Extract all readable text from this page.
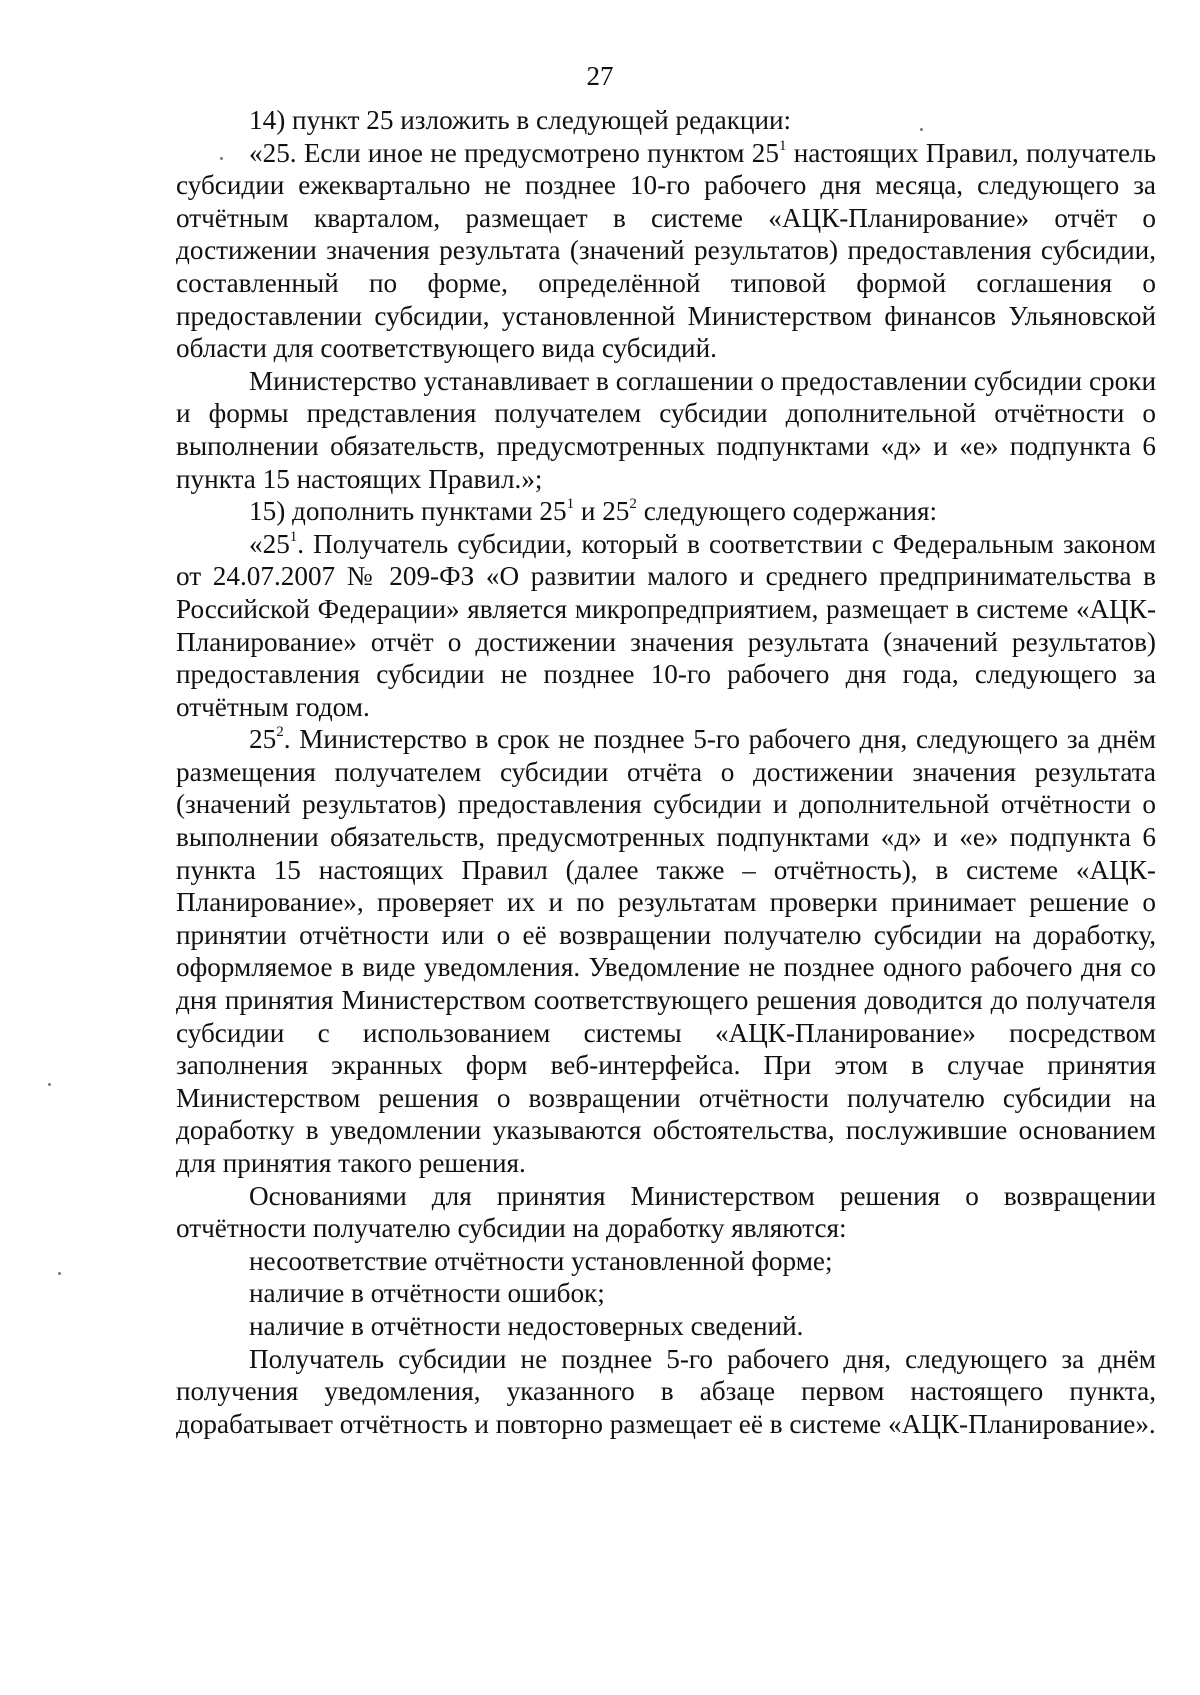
27

14) пункт 25 изложить в следующей редакции:

«25. Если иное не предусмотрено пунктом $25^1$ настоящих Правил, получатель субсидии ежеквартально не позднее 10-го рабочего дня месяца, следующего за отчётным кварталом, размещает в системе «АЦК-Планирование» отчёт о достижении значения результата (значений результатов) предоставления субсидии, составленный по форме, определённой типовой формой соглашения о предоставлении субсидии, установленной Министерством финансов Ульяновской области для соответствующего вида субсидий.

Министерство устанавливает в соглашении о предоставлении субсидии сроки и формы представления получателем субсидии дополнительной отчётности о выполнении обязательств, предусмотренных подпунктами «д» и «е» подпункта 6 пункта 15 настоящих Правил.»;

15) дополнить пунктами $25^1$ и $25^2$ следующего содержания:

«$25^1$. Получатель субсидии, который в соответствии с Федеральным законом от 24.07.2007 № 209-ФЗ «О развитии малого и среднего предпринимательства в Российской Федерации» является микропредприятием, размещает в системе «АЦК-Планирование» отчёт о достижении значения результата (значений результатов) предоставления субсидии не позднее 10-го рабочего дня года, следующего за отчётным годом.

$25^2$. Министерство в срок не позднее 5-го рабочего дня, следующего за днём размещения получателем субсидии отчёта о достижении значения результата (значений результатов) предоставления субсидии и дополнительной отчётности о выполнении обязательств, предусмотренных подпунктами «д» и «е» подпункта 6 пункта 15 настоящих Правил (далее также – отчётность), в системе «АЦК-Планирование», проверяет их и по результатам проверки принимает решение о принятии отчётности или о её возвращении получателю субсидии на доработку, оформляемое в виде уведомления. Уведомление не позднее одного рабочего дня со дня принятия Министерством соответствующего решения доводится до получателя субсидии с использованием системы «АЦК-Планирование» посредством заполнения экранных форм веб-интерфейса. При этом в случае принятия Министерством решения о возвращении отчётности получателю субсидии на доработку в уведомлении указываются обстоятельства, послужившие основанием для принятия такого решения.

Основаниями для принятия Министерством решения о возвращении отчётности получателю субсидии на доработку являются:

несоответствие отчётности установленной форме;

наличие в отчётности ошибок;

наличие в отчётности недостоверных сведений.

Получатель субсидии не позднее 5-го рабочего дня, следующего за днём получения уведомления, указанного в абзаце первом настоящего пункта, дорабатывает отчётность и повторно размещает её в системе «АЦК-Планирование».
